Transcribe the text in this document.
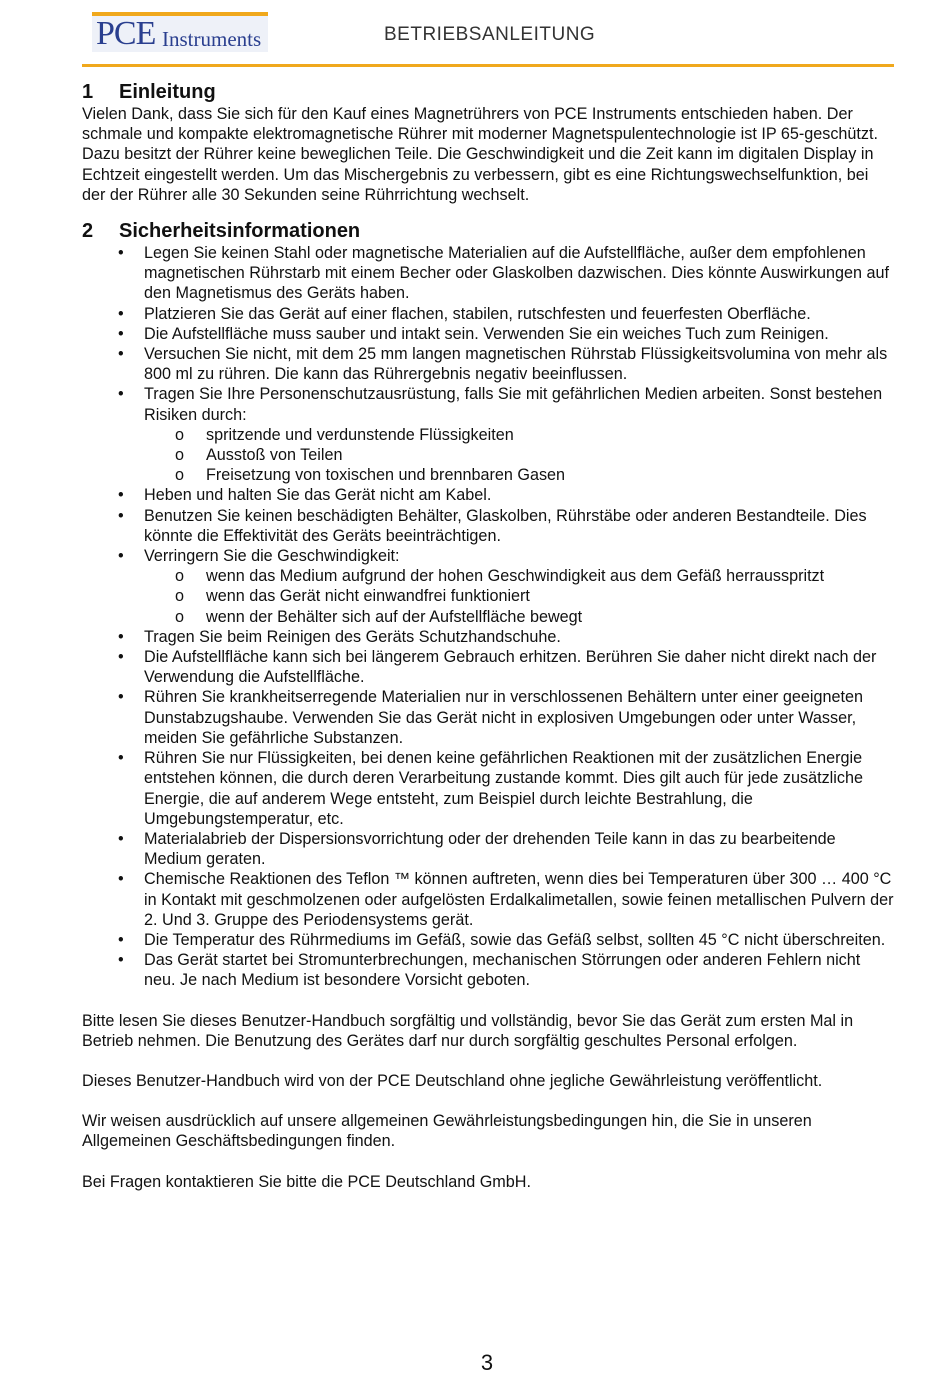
PCE Instruments	BETRIEBSANLEITUNG
1 Einleitung

Vielen Dank, dass Sie sich für den Kauf eines Magnetrührers von PCE Instruments entschieden haben. Der schmale und kompakte elektromagnetische Rührer mit moderner Magnetspulentechnologie ist IP 65-geschützt. Dazu besitzt der Rührer keine beweglichen Teile. Die Geschwindigkeit und die Zeit kann im digitalen Display in Echtzeit eingestellt werden. Um das Mischergebnis zu verbessern, gibt es eine Richtungswechselfunktion, bei der der Rührer alle 30 Sekunden seine Rührrichtung wechselt.

2 Sicherheitsinformationen
• Legen Sie keinen Stahl oder magnetische Materialien auf die Aufstellfläche, außer dem empfohlenen magnetischen Rührstarb mit einem Becher oder Glaskolben dazwischen. Dies könnte Auswirkungen auf den Magnetismus des Geräts haben.
• Platzieren Sie das Gerät auf einer flachen, stabilen, rutschfesten und feuerfesten Oberfläche.
• Die Aufstellfläche muss sauber und intakt sein. Verwenden Sie ein weiches Tuch zum Reinigen.
• Versuchen Sie nicht, mit dem 25 mm langen magnetischen Rührstab Flüssigkeitsvolumina von mehr als 800 ml zu rühren. Die kann das Rührergebnis negativ beeinflussen.
• Tragen Sie Ihre Personenschutzausrüstung, falls Sie mit gefährlichen Medien arbeiten. Sonst bestehen Risiken durch:
o spritzende und verdunstende Flüssigkeiten
o Ausstoß von Teilen
o Freisetzung von toxischen und brennbaren Gasen
• Heben und halten Sie das Gerät nicht am Kabel.
• Benutzen Sie keinen beschädigten Behälter, Glaskolben, Rührstäbe oder anderen Bestandteile. Dies könnte die Effektivität des Geräts beeinträchtigen.
• Verringern Sie die Geschwindigkeit:
o wenn das Medium aufgrund der hohen Geschwindigkeit aus dem Gefäß herrausspritzt
o wenn das Gerät nicht einwandfrei funktioniert
o wenn der Behälter sich auf der Aufstellfläche bewegt
• Tragen Sie beim Reinigen des Geräts Schutzhandschuhe.
• Die Aufstellfläche kann sich bei längerem Gebrauch erhitzen. Berühren Sie daher nicht direkt nach der Verwendung die Aufstellfläche.
• Rühren Sie krankheitserregende Materialien nur in verschlossenen Behältern unter einer geeigneten Dunstabzugshaube. Verwenden Sie das Gerät nicht in explosiven Umgebungen oder unter Wasser, meiden Sie gefährliche Substanzen.
• Rühren Sie nur Flüssigkeiten, bei denen keine gefährlichen Reaktionen mit der zusätzlichen Energie entstehen können, die durch deren Verarbeitung zustande kommt. Dies gilt auch für jede zusätzliche Energie, die auf anderem Wege entsteht, zum Beispiel durch leichte Bestrahlung, die Umgebungstemperatur, etc.
• Materialabrieb der Dispersionsvorrichtung oder der drehenden Teile kann in das zu bearbeitende Medium geraten.
• Chemische Reaktionen des Teflon ™ können auftreten, wenn dies bei Temperaturen über 300 … 400 °C in Kontakt mit geschmolzenen oder aufgelösten Erdalkalimetallen, sowie feinen metallischen Pulvern der 2. Und 3. Gruppe des Periodensystems gerät.
• Die Temperatur des Rührmediums im Gefäß, sowie das Gefäß selbst, sollten 45 °C nicht überschreiten.
• Das Gerät startet bei Stromunterbrechungen, mechanischen Störrungen oder anderen Fehlern nicht neu. Je nach Medium ist besondere Vorsicht geboten.

Bitte lesen Sie dieses Benutzer-Handbuch sorgfältig und vollständig, bevor Sie das Gerät zum ersten Mal in Betrieb nehmen. Die Benutzung des Gerätes darf nur durch sorgfältig geschultes Personal erfolgen.

Dieses Benutzer-Handbuch wird von der PCE Deutschland ohne jegliche Gewährleistung veröffentlicht.

Wir weisen ausdrücklich auf unsere allgemeinen Gewährleistungsbedingungen hin, die Sie in unseren Allgemeinen Geschäftsbedingungen finden.

Bei Fragen kontaktieren Sie bitte die PCE Deutschland GmbH.

3
